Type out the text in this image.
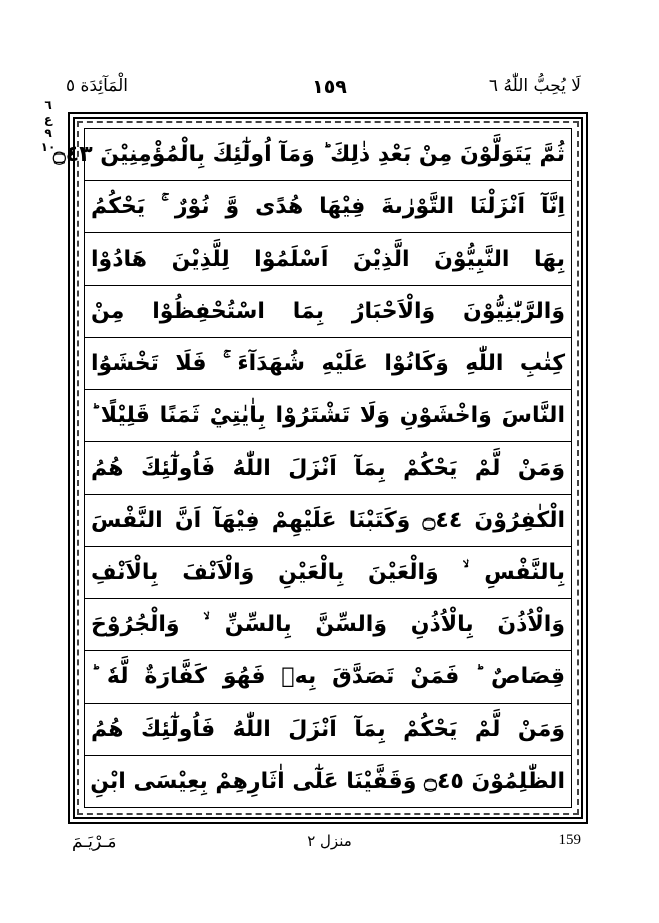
لَا يُحِبُّ اللّٰهُ ٦
١٥٩
الْمَآئِدَة ٥
٦
ع
٩
١٠
ثُمَّ يَتَوَلَّوْنَ مِنْ بَعْدِ ذٰلِكَ ؕ وَمَآ اُولٰٓئِكَ بِالْمُؤْمِنِيْنَ ۝٤٣
اِنَّآ اَنْزَلْنَا التَّوْرٰىةَ فِيْهَا هُدًى وَّ نُوْرٌ ۚ يَحْكُمُ
بِهَا النَّبِيُّوْنَ الَّذِيْنَ اَسْلَمُوْا لِلَّذِيْنَ هَادُوْا
وَالرَّبّٰنِيُّوْنَ وَالْاَحْبَارُ بِمَا اسْتُحْفِظُوْا مِنْ
كِتٰبِ اللّٰهِ وَكَانُوْا عَلَيْهِ شُهَدَآءَ ۚ فَلَا تَخْشَوُا
النَّاسَ وَاخْشَوْنِ وَلَا تَشْتَرُوْا بِاٰيٰتِيْ ثَمَنًا قَلِيْلًا ؕ
وَمَنْ لَّمْ يَحْكُمْ بِمَآ اَنْزَلَ اللّٰهُ فَاُولٰٓئِكَ هُمُ
الْكٰفِرُوْنَ ۝٤٤ وَكَتَبْنَا عَلَيْهِمْ فِيْهَآ اَنَّ النَّفْسَ
بِالنَّفْسِ ۙ وَالْعَيْنَ بِالْعَيْنِ وَالْاَنْفَ بِالْاَنْفِ
وَالْاُذُنَ بِالْاُذُنِ وَالسِّنَّ بِالسِّنِّ ۙ وَالْجُرُوْحَ
قِصَاصٌ ؕ فَمَنْ تَصَدَّقَ بِهٖ فَهُوَ كَفَّارَةٌ لَّهٗ ؕ
وَمَنْ لَّمْ يَحْكُمْ بِمَآ اَنْزَلَ اللّٰهُ فَاُولٰٓئِكَ هُمُ
الظّٰلِمُوْنَ ۝٤٥ وَقَفَّيْنَا عَلٰٓى اٰثَارِهِمْ بِعِيْسَى ابْنِ
مَـرْيَـمَ	منزل ٢	159
